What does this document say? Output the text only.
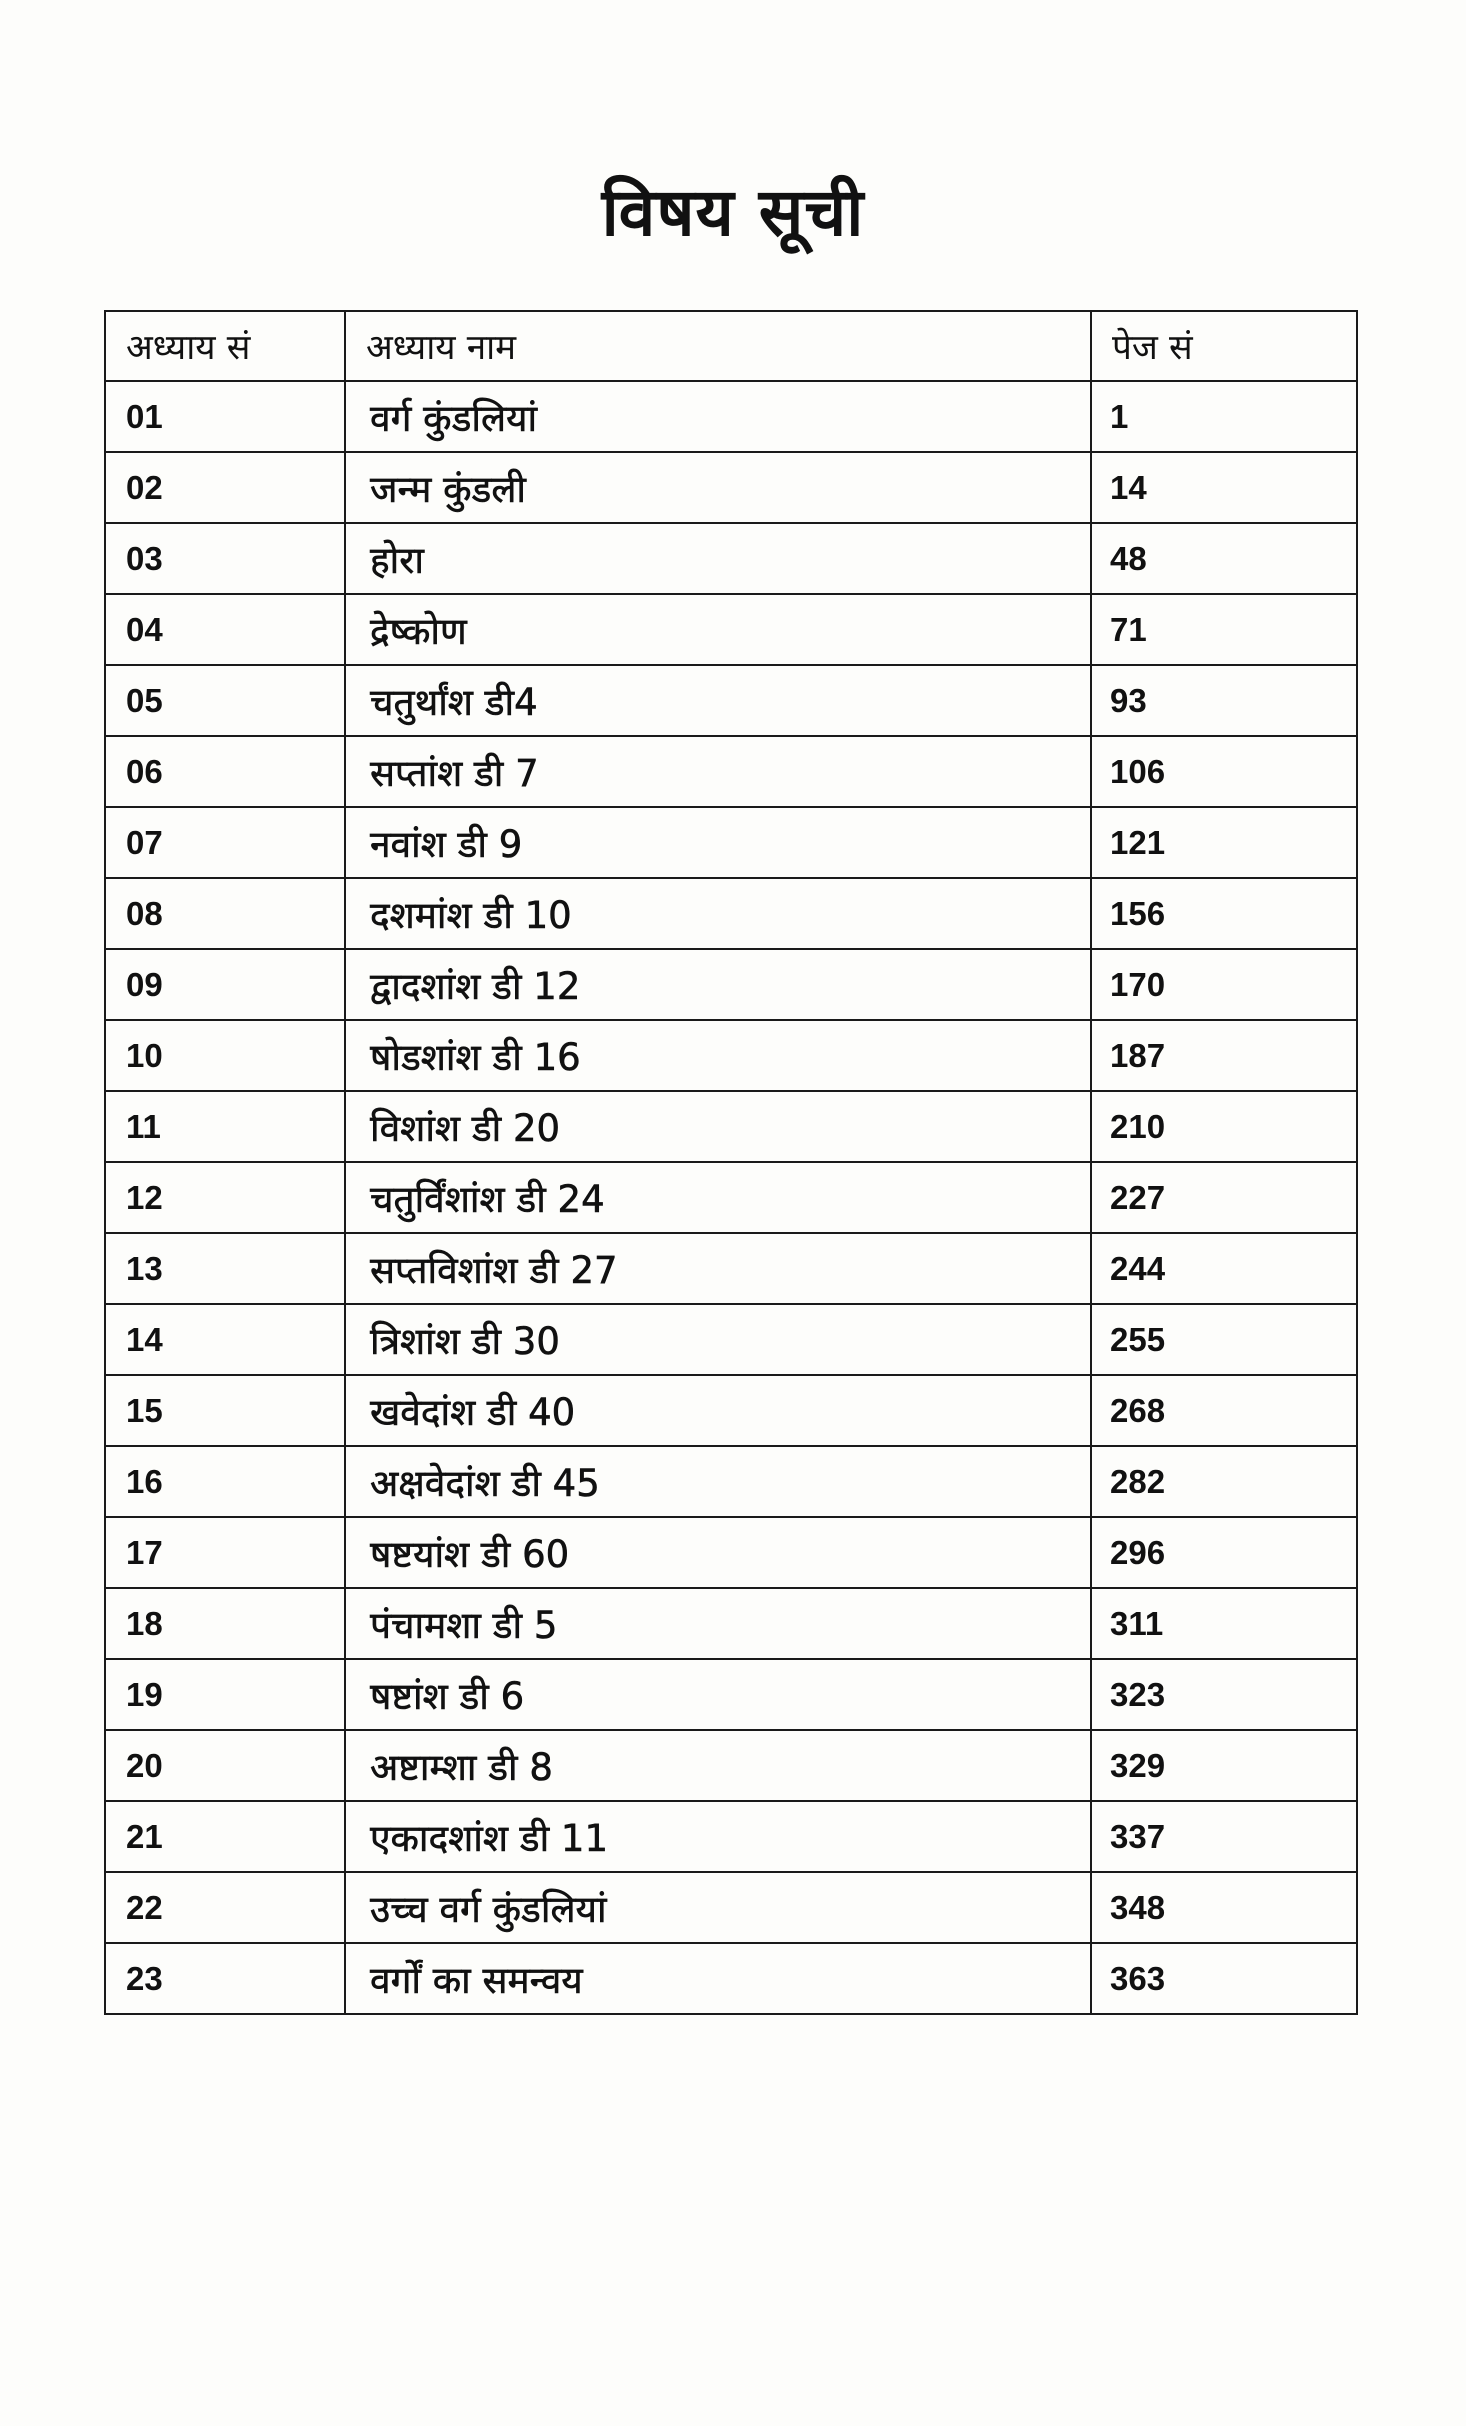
विषय सूची
अध्याय सं	अध्याय नाम	पेज सं
01	वर्ग कुंडलियां	1
02	जन्म कुंडली	14
03	होरा	48
04	द्रेष्कोण	71
05	चतुर्थांश डी4	93
06	सप्तांश डी 7	106
07	नवांश डी 9	121
08	दशमांश डी 10	156
09	द्वादशांश डी 12	170
10	षोडशांश डी 16	187
11	विशांश डी 20	210
12	चतुर्विंशांश डी 24	227
13	सप्तविशांश डी 27	244
14	त्रिशांश डी 30	255
15	खवेदांश डी 40	268
16	अक्षवेदांश डी 45	282
17	षष्टयांश डी 60	296
18	पंचामशा डी 5	311
19	षष्टांश डी 6	323
20	अष्टाम्शा डी 8	329
21	एकादशांश डी 11	337
22	उच्च वर्ग कुंडलियां	348
23	वर्गों का समन्वय	363
